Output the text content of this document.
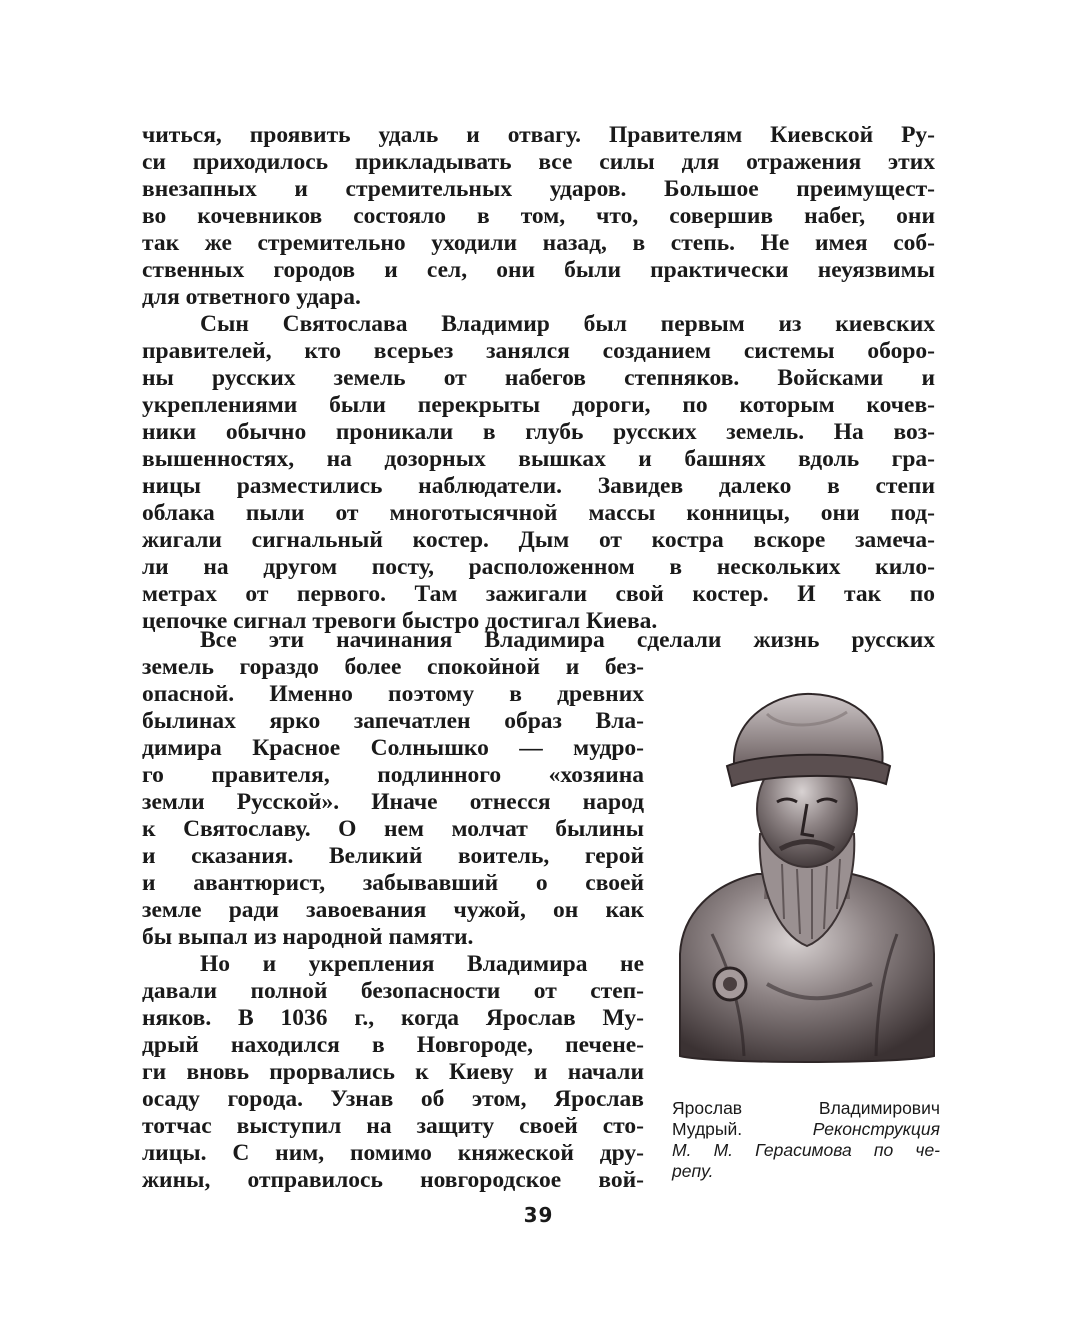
читься, проявить удаль и отвагу. Правителям Киевской Ру-
си приходилось прикладывать все силы для отражения этих
внезапных и стремительных ударов. Большое преимущест-
во кочевников состояло в том, что, совершив набег, они
так же стремительно уходили назад, в степь. Не имея соб-
ственных городов и сел, они были практически неуязвимы
для ответного удара.
Сын Святослава Владимир был первым из киевских
правителей, кто всерьез занялся созданием системы оборо-
ны русских земель от набегов степняков. Войсками и
укреплениями были перекрыты дороги, по которым кочев-
ники обычно проникали в глубь русских земель. На воз-
вышенностях, на дозорных вышках и башнях вдоль гра-
ницы разместились наблюдатели. Завидев далеко в степи
облака пыли от многотысячной массы конницы, они под-
жигали сигнальный костер. Дым от костра вскоре замеча-
ли на другом посту, расположенном в нескольких кило-
метрах от первого. Там зажигали свой костер. И так по
цепочке сигнал тревоги быстро достигал Киева.
Все эти начинания Владимира сделали жизнь русских
земель гораздо более спокойной и без-
опасной. Именно поэтому в древних
былинах ярко запечатлен образ Вла-
димира Красное Солнышко — мудро-
го правителя, подлинного «хозяина
земли Русской». Иначе отнесся народ
к Святославу. О нем молчат былины
и сказания. Великий воитель, герой
и авантюрист, забывавший о своей
земле ради завоевания чужой, он как
бы выпал из народной памяти.
Но и укрепления Владимира не
давали полной безопасности от степ-
няков. В 1036 г., когда Ярослав Му-
дрый находился в Новгороде, печене-
ги вновь прорвались к Киеву и начали
осаду города. Узнав об этом, Ярослав
тотчас выступил на защиту своей сто-
лицы. С ним, помимо княжеской дру-
жины, отправилось новгородское вой-
Ярослав Владимирович
Мудрый. Реконструкция
М. М. Герасимова по че-
репу.
39
